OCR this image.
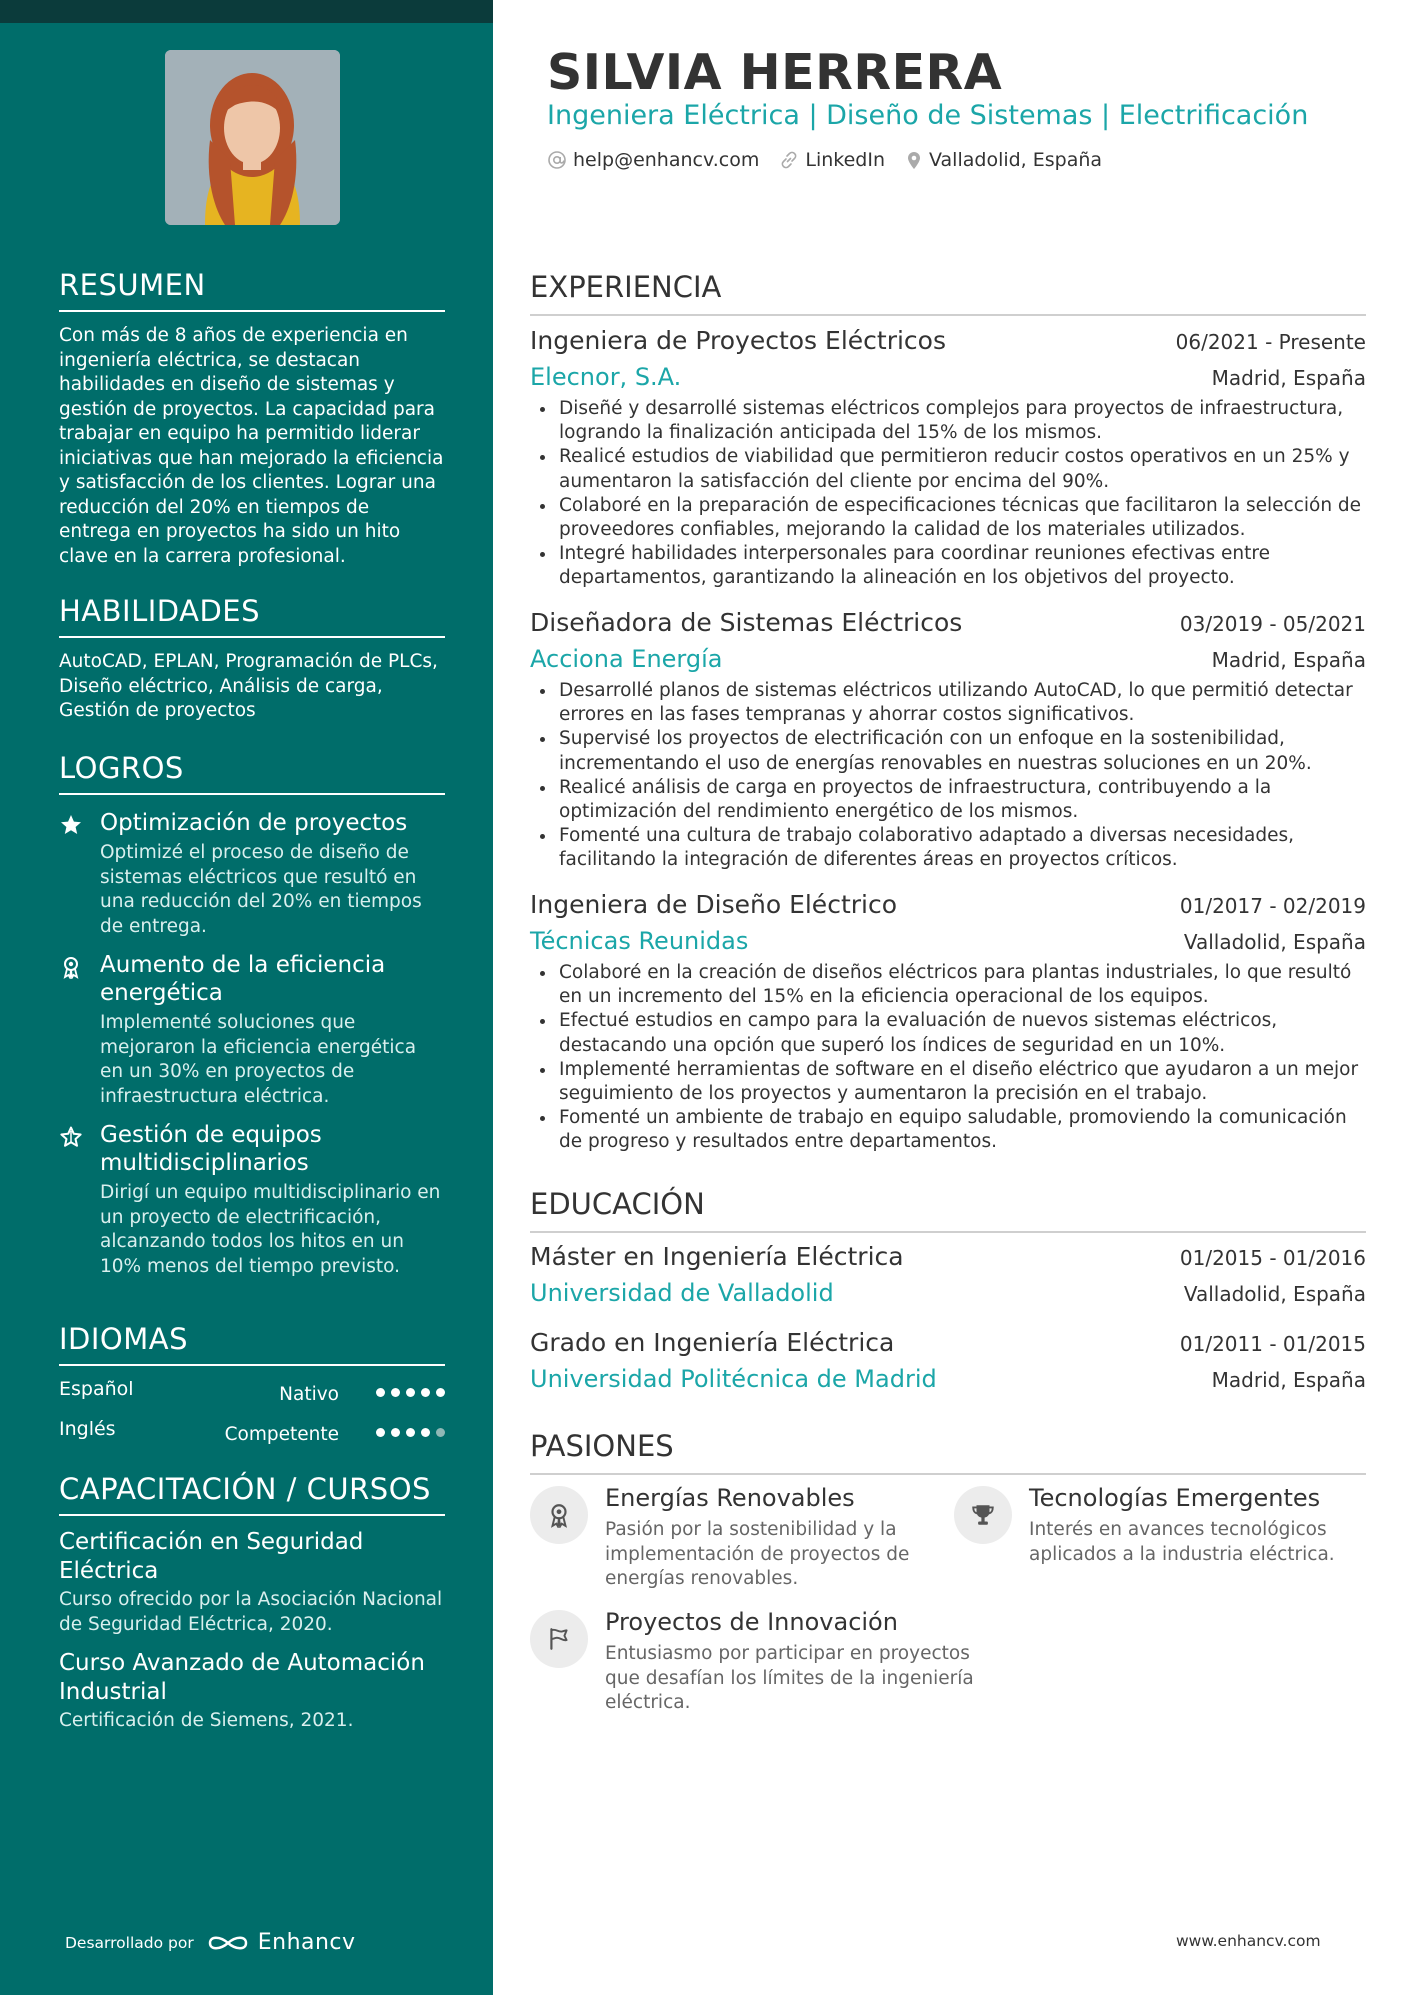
RESUMEN
Con más de 8 años de experiencia en ingeniería eléctrica, se destacan habilidades en diseño de sistemas y gestión de proyectos. La capacidad para trabajar en equipo ha permitido liderar iniciativas que han mejorado la eficiencia y satisfacción de los clientes. Lograr una reducción del 20% en tiempos de entrega en proyectos ha sido un hito clave en la carrera profesional.
HABILIDADES
AutoCAD, EPLAN, Programación de PLCs, Diseño eléctrico, Análisis de carga, Gestión de proyectos
LOGROS
Optimización de proyectos
Optimizé el proceso de diseño de sistemas eléctricos que resultó en una reducción del 20% en tiempos de entrega.
Aumento de la eficiencia energética
Implementé soluciones que mejoraron la eficiencia energética en un 30% en proyectos de infraestructura eléctrica.
Gestión de equipos multidisciplinarios
Dirigí un equipo multidisciplinario en un proyecto de electrificación, alcanzando todos los hitos en un 10% menos del tiempo previsto.
IDIOMAS
Español	Nativo
Inglés	Competente
CAPACITACIÓN / CURSOS
Certificación en Seguridad Eléctrica
Curso ofrecido por la Asociación Nacional de Seguridad Eléctrica, 2020.
Curso Avanzado de Automación Industrial
Certificación de Siemens, 2021.
Desarrollado por	Enhancv
SILVIA HERRERA
Ingeniera Eléctrica | Diseño de Sistemas | Electrificación
help@enhancv.com LinkedIn Valladolid, España
EXPERIENCIA
Ingeniera de Proyectos Eléctricos	06/2021 - Presente
Elecnor, S.A.	Madrid, España
• Diseñé y desarrollé sistemas eléctricos complejos para proyectos de infraestructura, logrando la finalización anticipada del 15% de los mismos.
• Realicé estudios de viabilidad que permitieron reducir costos operativos en un 25% y aumentaron la satisfacción del cliente por encima del 90%.
• Colaboré en la preparación de especificaciones técnicas que facilitaron la selección de proveedores confiables, mejorando la calidad de los materiales utilizados.
• Integré habilidades interpersonales para coordinar reuniones efectivas entre departamentos, garantizando la alineación en los objetivos del proyecto.
Diseñadora de Sistemas Eléctricos	03/2019 - 05/2021
Acciona Energía	Madrid, España
• Desarrollé planos de sistemas eléctricos utilizando AutoCAD, lo que permitió detectar errores en las fases tempranas y ahorrar costos significativos.
• Supervisé los proyectos de electrificación con un enfoque en la sostenibilidad, incrementando el uso de energías renovables en nuestras soluciones en un 20%.
• Realicé análisis de carga en proyectos de infraestructura, contribuyendo a la optimización del rendimiento energético de los mismos.
• Fomenté una cultura de trabajo colaborativo adaptado a diversas necesidades, facilitando la integración de diferentes áreas en proyectos críticos.
Ingeniera de Diseño Eléctrico	01/2017 - 02/2019
Técnicas Reunidas	Valladolid, España
• Colaboré en la creación de diseños eléctricos para plantas industriales, lo que resultó en un incremento del 15% en la eficiencia operacional de los equipos.
• Efectué estudios en campo para la evaluación de nuevos sistemas eléctricos, destacando una opción que superó los índices de seguridad en un 10%.
• Implementé herramientas de software en el diseño eléctrico que ayudaron a un mejor seguimiento de los proyectos y aumentaron la precisión en el trabajo.
• Fomenté un ambiente de trabajo en equipo saludable, promoviendo la comunicación de progreso y resultados entre departamentos.
EDUCACIÓN
Máster en Ingeniería Eléctrica	01/2015 - 01/2016
Universidad de Valladolid	Valladolid, España
Grado en Ingeniería Eléctrica	01/2011 - 01/2015
Universidad Politécnica de Madrid	Madrid, España
PASIONES
Energías Renovables
Pasión por la sostenibilidad y la implementación de proyectos de energías renovables.
Tecnologías Emergentes
Interés en avances tecnológicos aplicados a la industria eléctrica.
Proyectos de Innovación
Entusiasmo por participar en proyectos que desafían los límites de la ingeniería eléctrica.
www.enhancv.com
